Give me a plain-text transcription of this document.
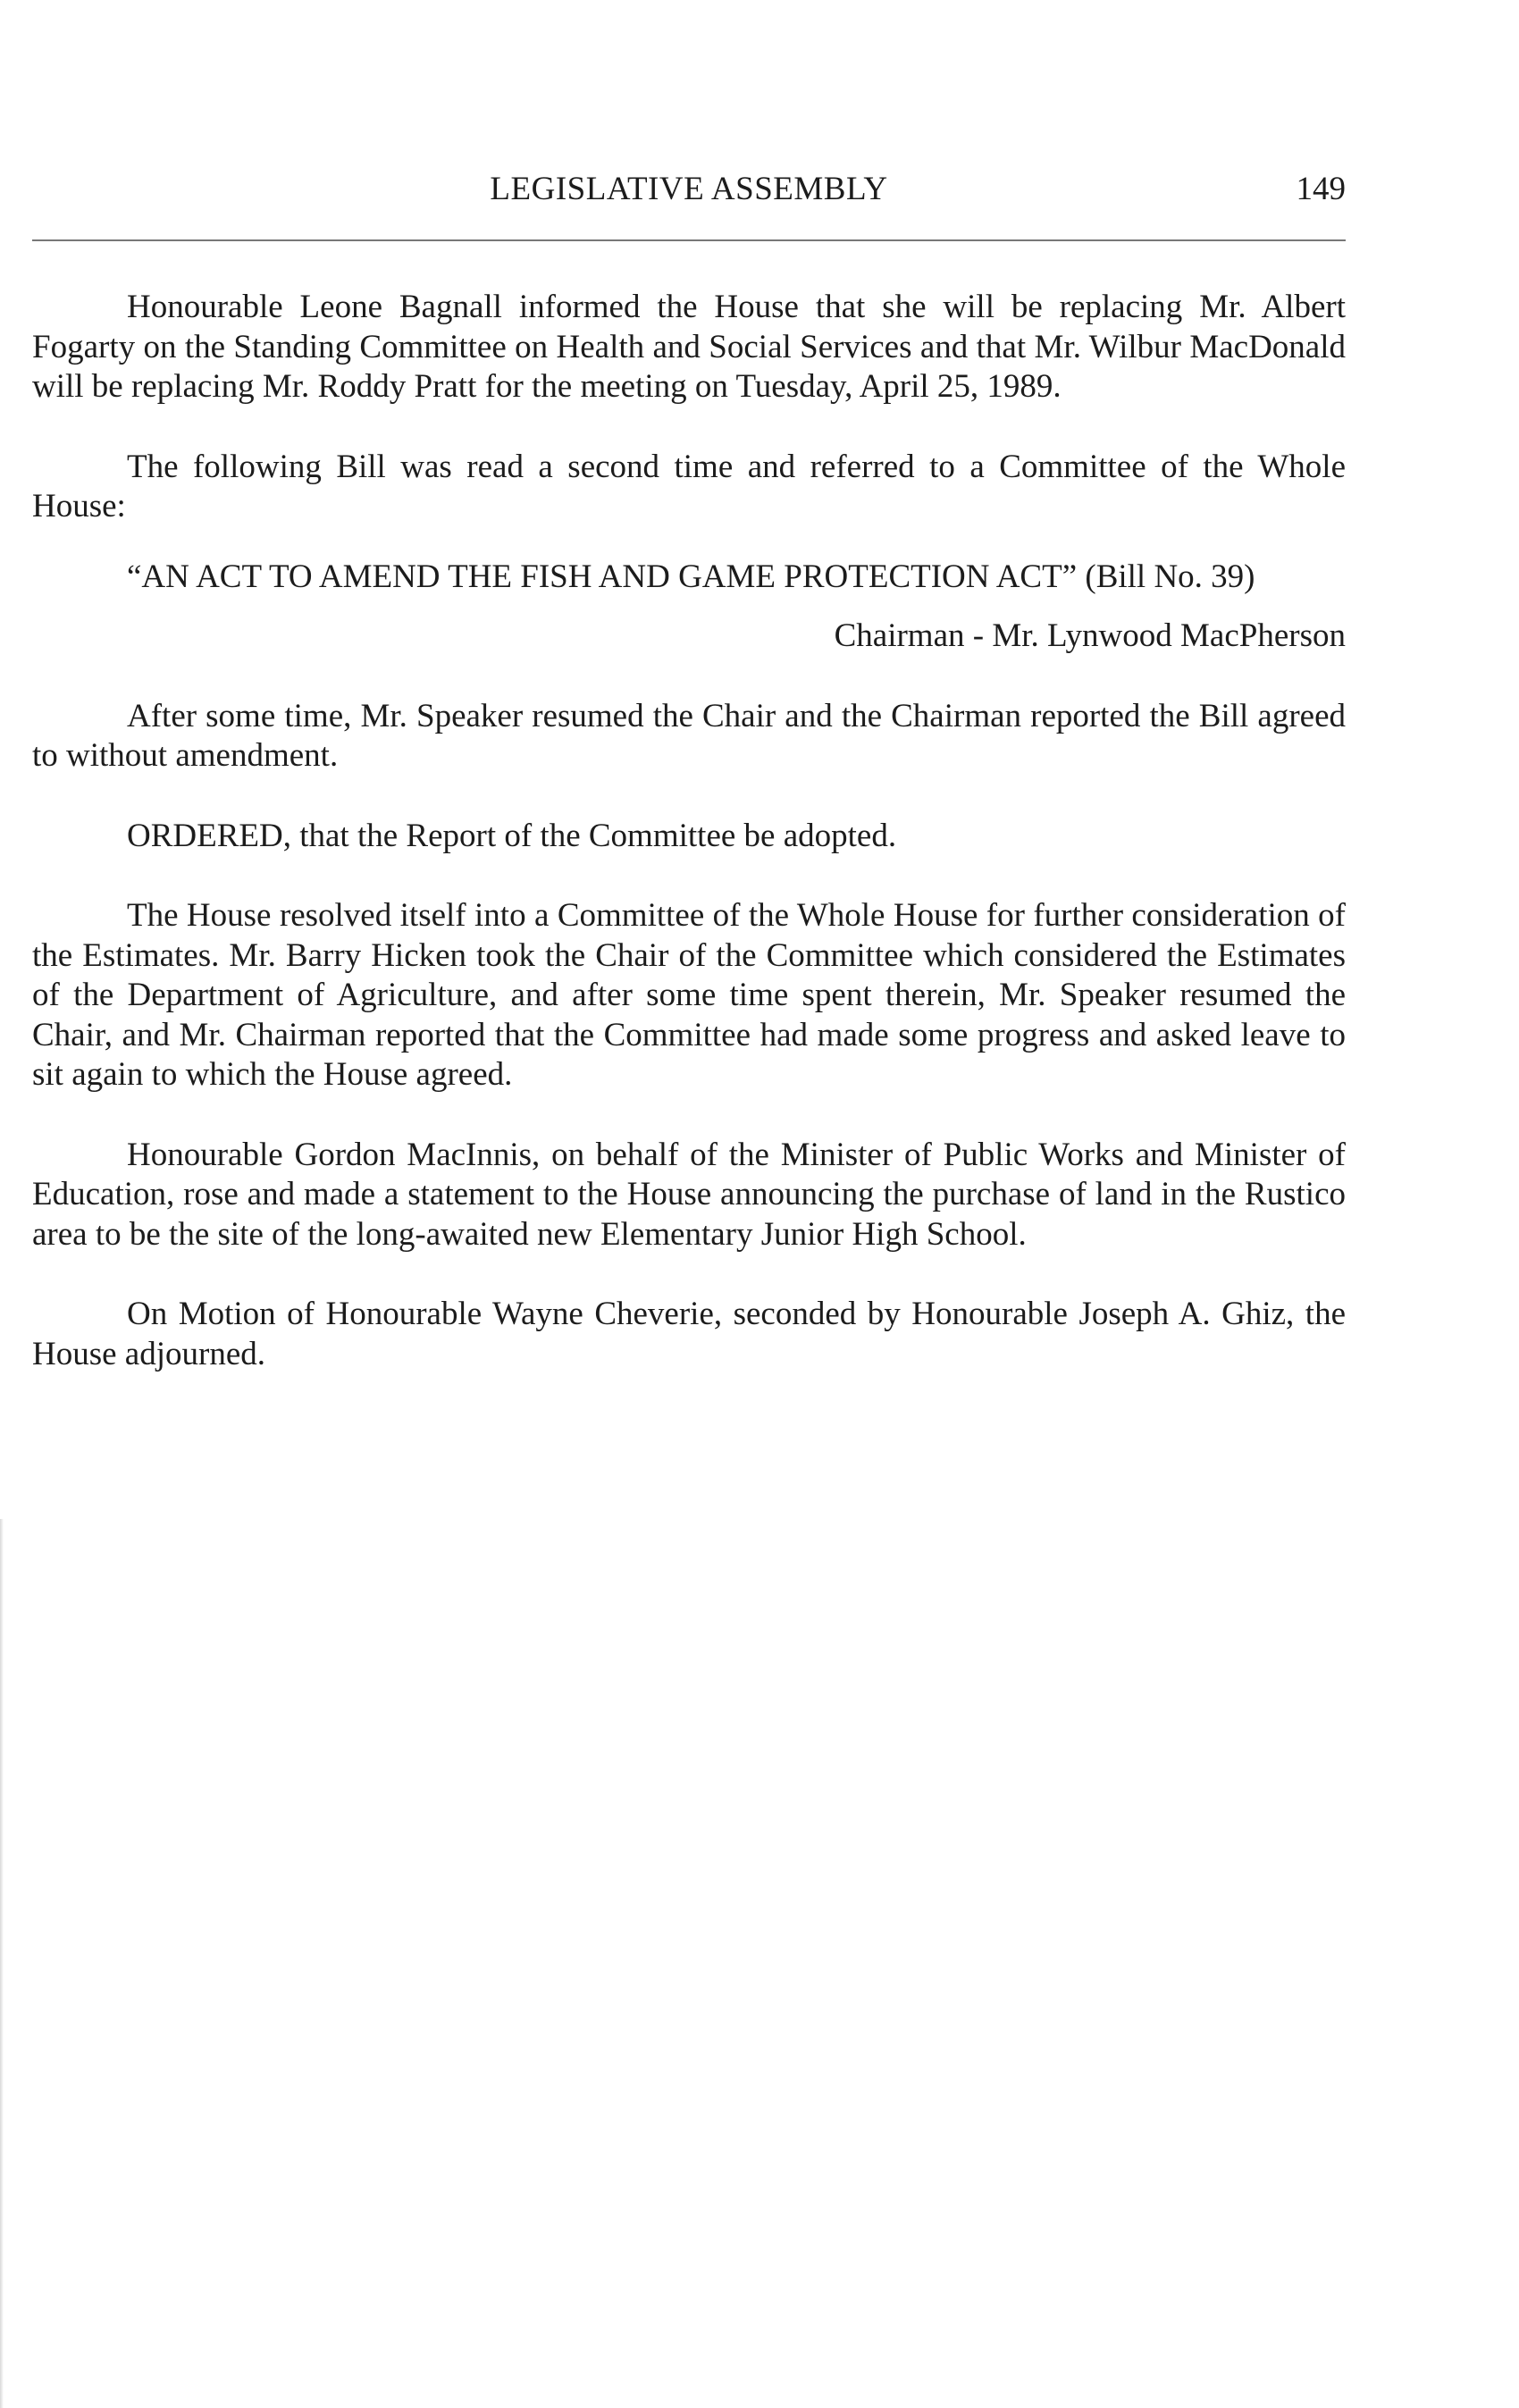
LEGISLATIVE ASSEMBLY	149

Honourable Leone Bagnall informed the House that she will be replacing Mr. Albert Fogarty on the Standing Committee on Health and Social Services and that Mr. Wilbur MacDonald will be replacing Mr. Roddy Pratt for the meeting on Tuesday, April 25, 1989.

The following Bill was read a second time and referred to a Committee of the Whole House:

“AN ACT TO AMEND THE FISH AND GAME PROTECTION ACT” (Bill No. 39)

Chairman - Mr. Lynwood MacPherson

After some time, Mr. Speaker resumed the Chair and the Chairman reported the Bill agreed to without amendment.

ORDERED, that the Report of the Committee be adopted.

The House resolved itself into a Committee of the Whole House for further consideration of the Estimates. Mr. Barry Hicken took the Chair of the Committee which considered the Estimates of the Department of Agriculture, and after some time spent therein, Mr. Speaker resumed the Chair, and Mr. Chairman reported that the Committee had made some progress and asked leave to sit again to which the House agreed.

Honourable Gordon MacInnis, on behalf of the Minister of Public Works and Minister of Education, rose and made a statement to the House announcing the purchase of land in the Rustico area to be the site of the long-awaited new Elementary Junior High School.

On Motion of Honourable Wayne Cheverie, seconded by Honourable Joseph A. Ghiz, the House adjourned.
